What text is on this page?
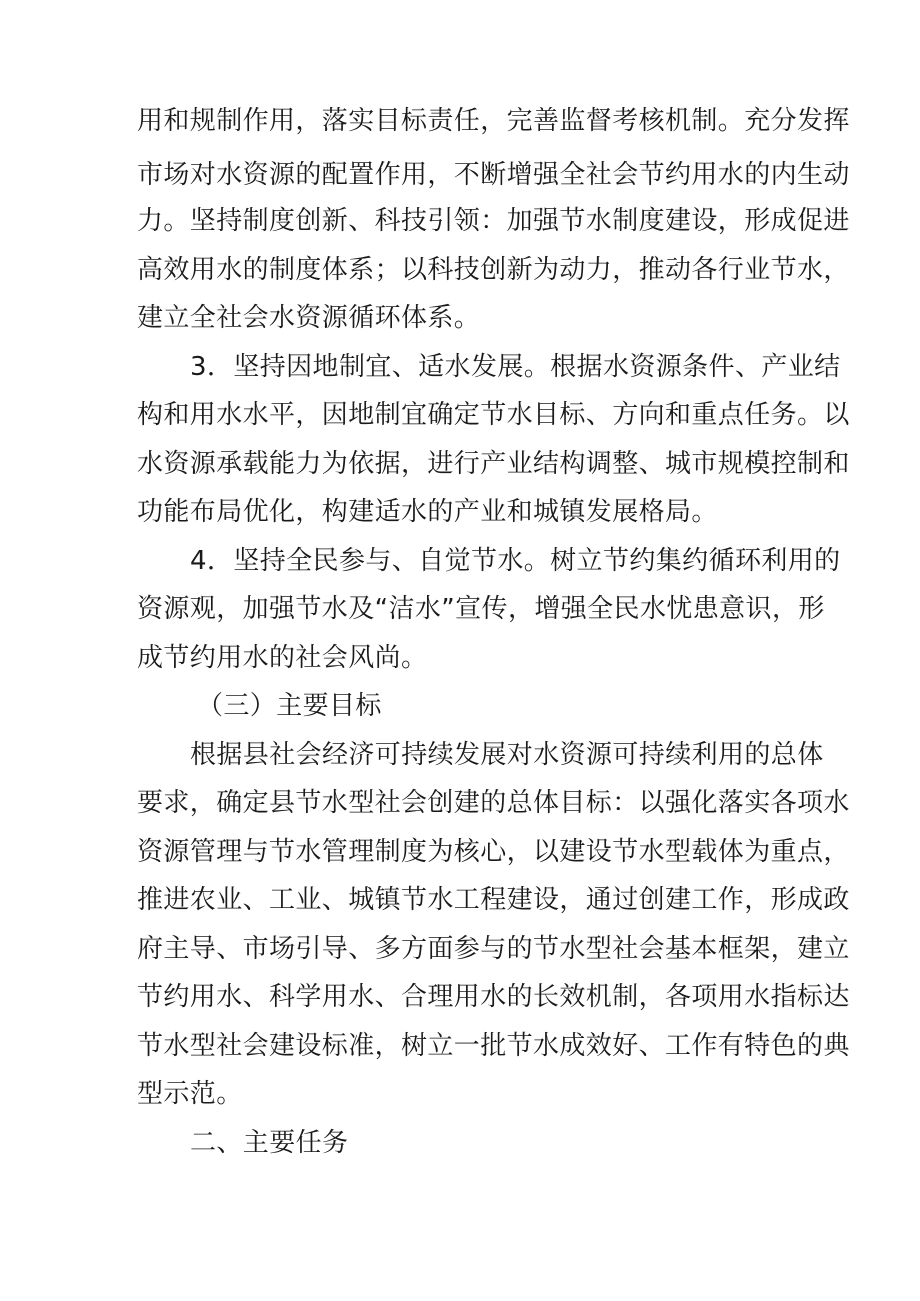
用和规制作用，落实目标责任，完善监督考核机制。充分发挥
市场对水资源的配置作用，不断增强全社会节约用水的内生动
力。坚持制度创新、科技引领：加强节水制度建设，形成促进
高效用水的制度体系；以科技创新为动力，推动各行业节水，
建立全社会水资源循环体系。
3．坚持因地制宜、适水发展。根据水资源条件、产业结
构和用水水平，因地制宜确定节水目标、方向和重点任务。以
水资源承载能力为依据，进行产业结构调整、城市规模控制和
功能布局优化，构建适水的产业和城镇发展格局。
4．坚持全民参与、自觉节水。树立节约集约循环利用的
资源观，加强节水及“洁水”宣传，增强全民水忧患意识，形
成节约用水的社会风尚。
（三）主要目标
根据县社会经济可持续发展对水资源可持续利用的总体
要求，确定县节水型社会创建的总体目标：以强化落实各项水
资源管理与节水管理制度为核心，以建设节水型载体为重点，
推进农业、工业、城镇节水工程建设，通过创建工作，形成政
府主导、市场引导、多方面参与的节水型社会基本框架，建立
节约用水、科学用水、合理用水的长效机制，各项用水指标达
节水型社会建设标准，树立一批节水成效好、工作有特色的典
型示范。
二、主要任务
